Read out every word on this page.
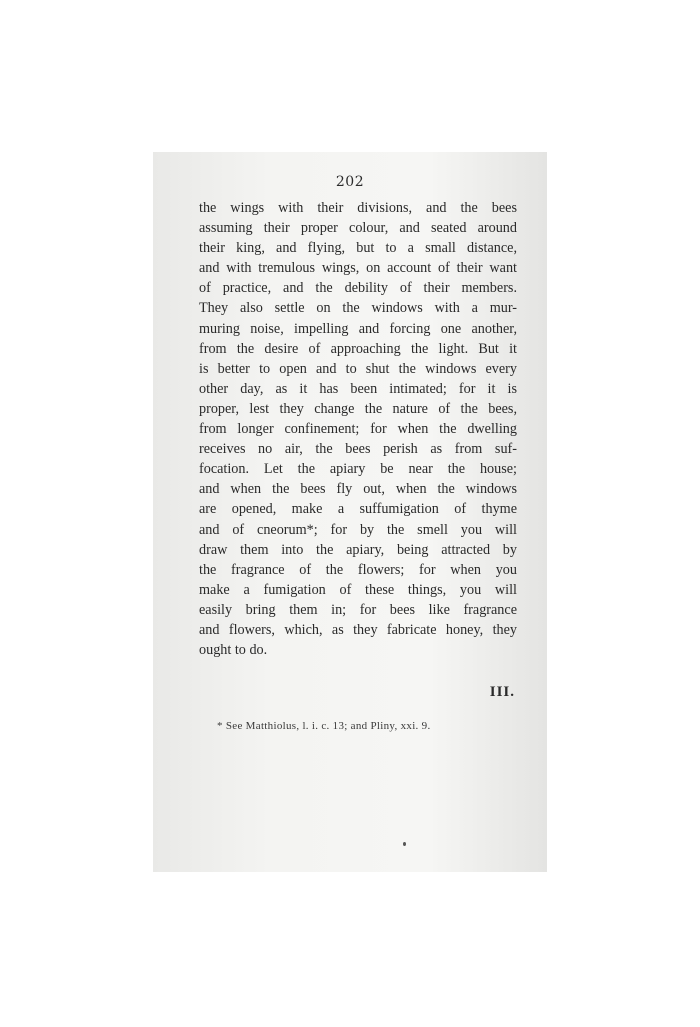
202
the wings with their divisions, and the bees
assuming their proper colour, and seated around
their king, and flying, but to a small distance,
and with tremulous wings, on account of their want
of practice, and the debility of their members.
They also settle on the windows with a mur-
muring noise, impelling and forcing one another,
from the desire of approaching the light. But it
is better to open and to shut the windows every
other day, as it has been intimated; for it is
proper, lest they change the nature of the bees,
from longer confinement; for when the dwelling
receives no air, the bees perish as from suf-
focation. Let the apiary be near the house;
and when the bees fly out, when the windows
are opened, make a suffumigation of thyme
and of cneorum*; for by the smell you will
draw them into the apiary, being attracted by
the fragrance of the flowers; for when you
make a fumigation of these things, you will
easily bring them in; for bees like fragrance
and flowers, which, as they fabricate honey, they
ought to do.
III.
* See Matthiolus, l. i. c. 13; and Pliny, xxi. 9.
